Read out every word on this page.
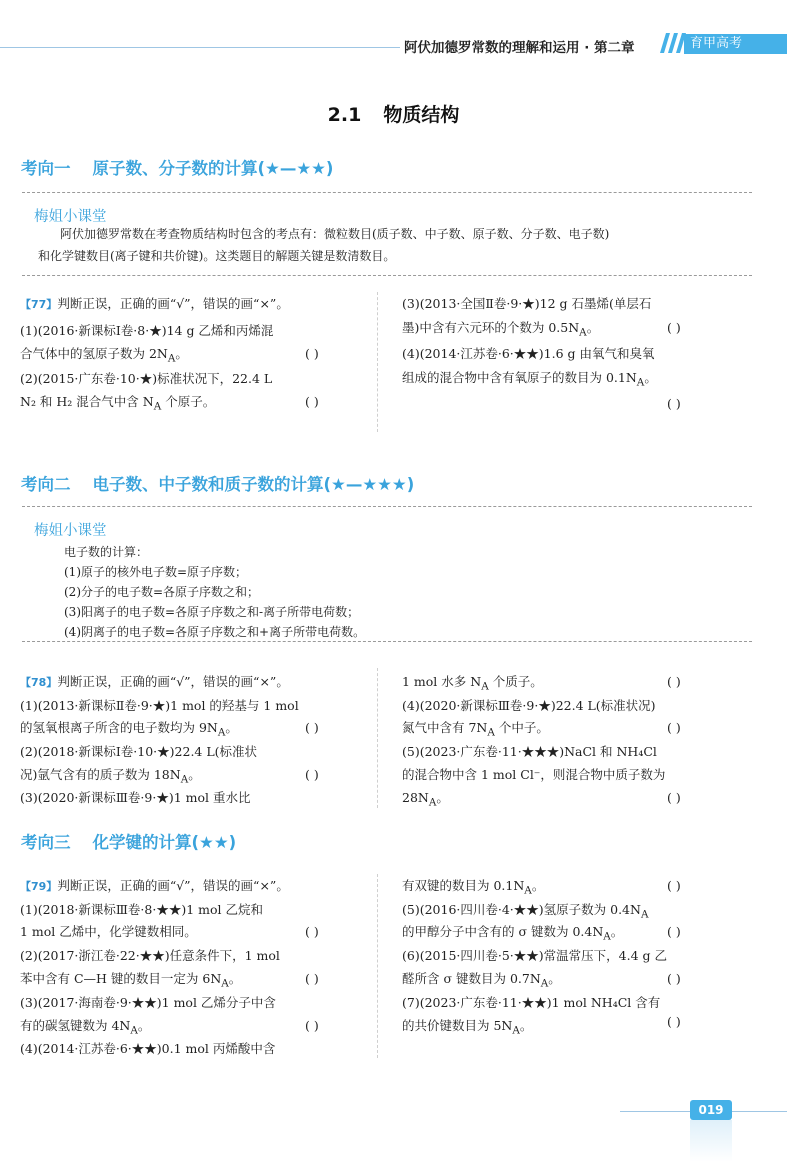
阿伏加德罗常数的理解和运用 · 第二章	育甲高考
2.1 物质结构
考向一 原子数、分子数的计算(★—★★)
梅姐小课堂
阿伏加德罗常数在考查物质结构时包含的考点有：微粒数目(质子数、中子数、原子数、分子数、电子数)
和化学键数目(离子键和共价键)。这类题目的解题关键是数清数目。
【77】判断正误，正确的画“√”，错误的画“×”。
(1)(2016·新课标Ⅰ卷·8·★)14 g 乙烯和丙烯混
合气体中的氢原子数为 $2N_A$。	( )
(2)(2015·广东卷·10·★)标准状况下，22.4 L
N₂ 和 H₂ 混合气中含 $N_A$ 个原子。	( )
(3)(2013·全国Ⅱ卷·9·★)12 g 石墨烯(单层石
墨)中含有六元环的个数为 $0.5N_A$。	( )
(4)(2014·江苏卷·6·★★)1.6 g 由氧气和臭氧
组成的混合物中含有氧原子的数目为 $0.1N_A$。
( )
考向二 电子数、中子数和质子数的计算(★—★★★)
梅姐小课堂
电子数的计算：
(1)原子的核外电子数=原子序数；
(2)分子的电子数=各原子序数之和；
(3)阳离子的电子数=各原子序数之和-离子所带电荷数；
(4)阴离子的电子数=各原子序数之和+离子所带电荷数。
【78】判断正误，正确的画“√”，错误的画“×”。
(1)(2013·新课标Ⅱ卷·9·★)1 mol 的羟基与 1 mol
的氢氧根离子所含的电子数均为 $9N_A$。	( )
(2)(2018·新课标Ⅰ卷·10·★)22.4 L(标准状
况)氩气含有的质子数为 $18N_A$。	( )
(3)(2020·新课标Ⅲ卷·9·★)1 mol 重水比
1 mol 水多 $N_A$ 个质子。	( )
(4)(2020·新课标Ⅲ卷·9·★)22.4 L(标准状况)
氮气中含有 $7N_A$ 个中子。	( )
(5)(2023·广东卷·11·★★★)NaCl 和 NH₄Cl
的混合物中含 1 mol Cl⁻，则混合物中质子数为
$28N_A$。	( )
考向三 化学键的计算(★★)
【79】判断正误，正确的画“√”，错误的画“×”。
(1)(2018·新课标Ⅲ卷·8·★★)1 mol 乙烷和
1 mol 乙烯中，化学键数相同。	( )
(2)(2017·浙江卷·22·★★)任意条件下，1 mol
苯中含有 C—H 键的数目一定为 $6N_A$。	( )
(3)(2017·海南卷·9·★★)1 mol 乙烯分子中含
有的碳氢键数为 $4N_A$。	( )
(4)(2014·江苏卷·6·★★)0.1 mol 丙烯酸中含
有双键的数目为 $0.1N_A$。	( )
(5)(2016·四川卷·4·★★)氢原子数为 $0.4N_A$
的甲醇分子中含有的 σ 键数为 $0.4N_A$。	( )
(6)(2015·四川卷·5·★★)常温常压下，4.4 g 乙
醛所含 σ 键数目为 $0.7N_A$。	( )
(7)(2023·广东卷·11·★★)1 mol NH₄Cl 含有
的共价键数目为 $5N_A$。	( )
019
